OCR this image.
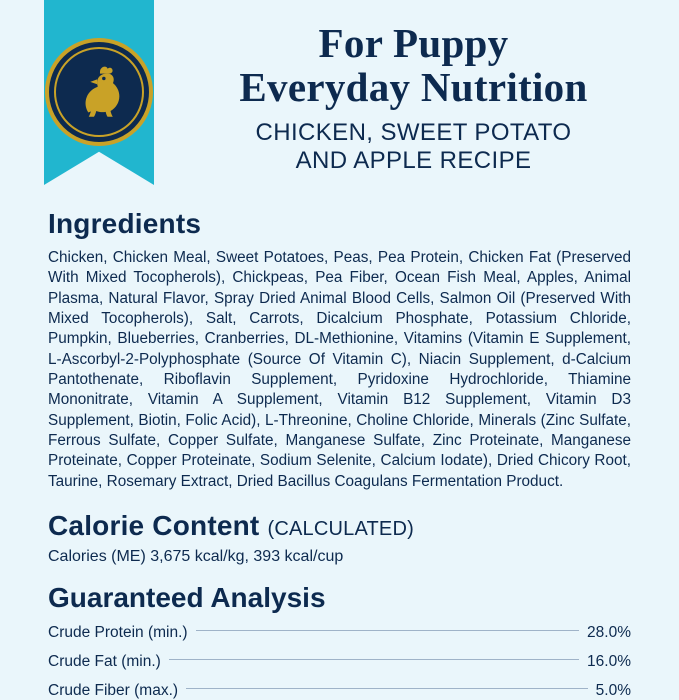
For Puppy
Everyday Nutrition
CHICKEN, SWEET POTATO
AND APPLE RECIPE
Ingredients

Chicken, Chicken Meal, Sweet Potatoes, Peas, Pea Protein, Chicken Fat (Preserved With Mixed Tocopherols), Chickpeas, Pea Fiber, Ocean Fish Meal, Apples, Animal Plasma, Natural Flavor, Spray Dried Animal Blood Cells, Salmon Oil (Preserved With Mixed Tocopherols), Salt, Carrots, Dicalcium Phosphate, Potassium Chloride, Pumpkin, Blueberries, Cranberries, DL-Methionine, Vitamins (Vitamin E Supplement, L-Ascorbyl-2-Polyphosphate (Source Of Vitamin C), Niacin Supplement, d-Calcium Pantothenate, Riboflavin Supplement, Pyridoxine Hydrochloride, Thiamine Mononitrate, Vitamin A Supplement, Vitamin B12 Supplement, Vitamin D3 Supplement, Biotin, Folic Acid), L-Threonine, Choline Chloride, Minerals (Zinc Sulfate, Ferrous Sulfate, Copper Sulfate, Manganese Sulfate, Zinc Proteinate, Manganese Proteinate, Copper Proteinate, Sodium Selenite, Calcium Iodate), Dried Chicory Root, Taurine, Rosemary Extract, Dried Bacillus Coagulans Fermentation Product.

Calorie Content (CALCULATED)

Calories (ME) 3,675 kcal/kg, 393 kcal/cup

Guaranteed Analysis
Crude Protein (min.)	28.0%
Crude Fat (min.)	16.0%
Crude Fiber (max.)	5.0%
